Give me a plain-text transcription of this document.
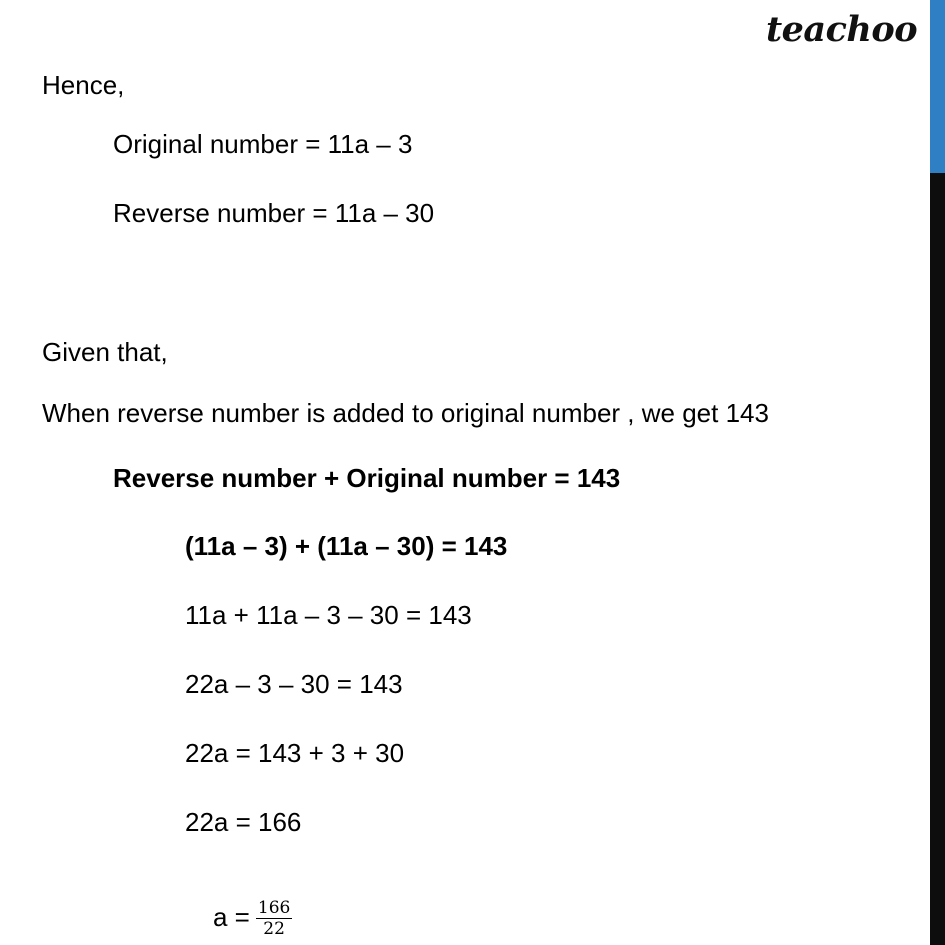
teachoo
Hence,
Original number = 11a – 3
Reverse number = 11a – 30
Given that,
When reverse number is added to original number , we get 143
Reverse number + Original number = 143
(11a – 3) + (11a – 30) = 143
11a + 11a – 3 – 30 = 143
22a – 3 – 30 = 143
22a = 143 + 3 + 30
22a = 166
$a = \frac{166}{22}$
